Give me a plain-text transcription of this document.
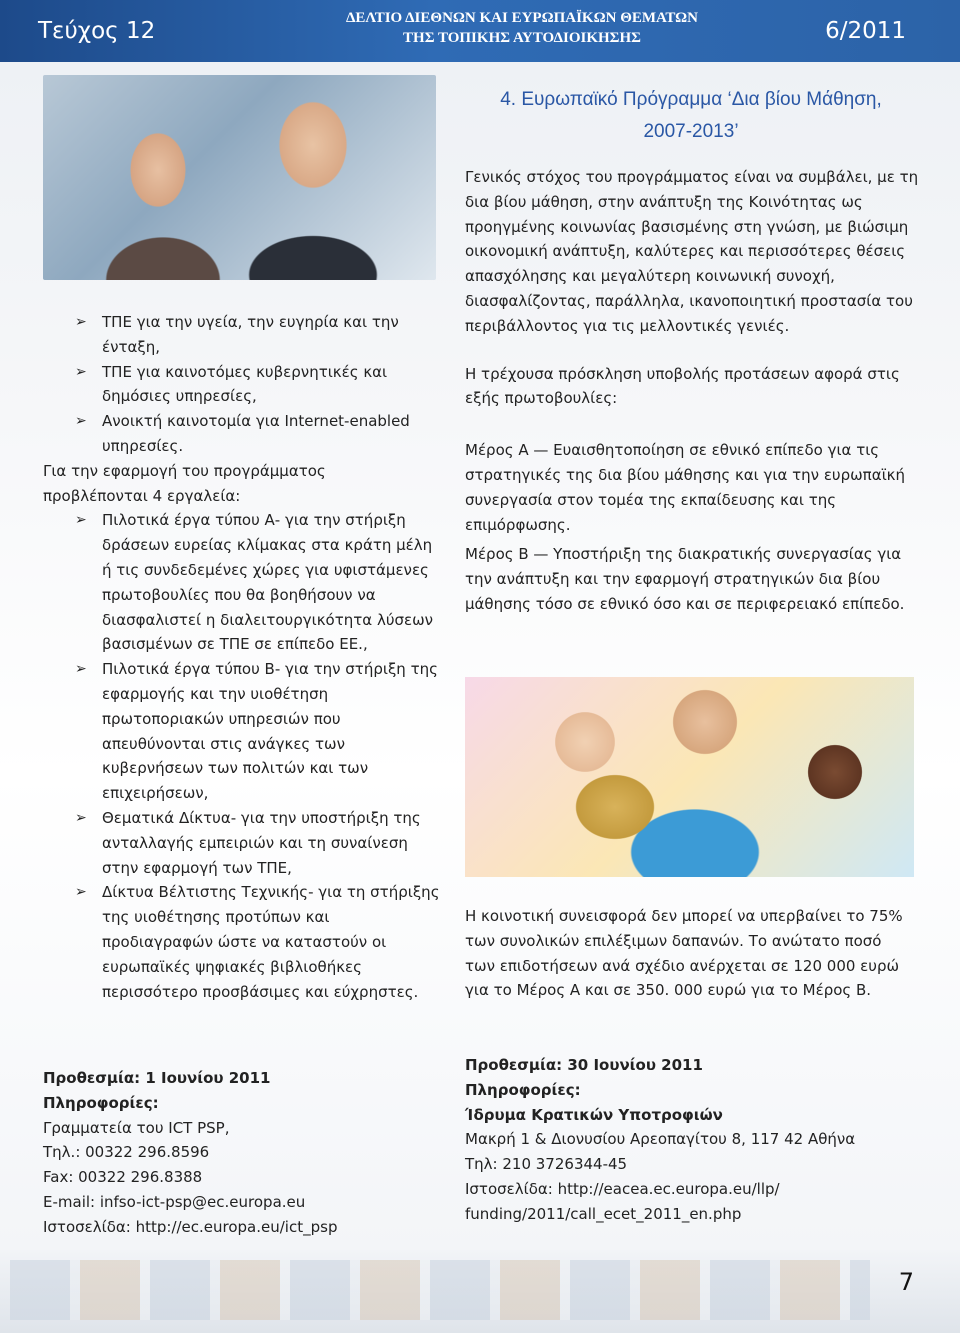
Τεύχος 12	ΔΕΛΤΙΟ ΔΙΕΘΝΩΝ ΚΑΙ ΕΥΡΩΠΑΪΚΩΝ ΘΕΜΑΤΩΝ
ΤΗΣ ΤΟΠΙΚΗΣ ΑΥΤΟΔΙΟΙΚΗΣΗΣ	6/2011
4. Ευρωπαϊκό Πρόγραμμα ‘Δια βίου Μάθηση,
2007-2013’
➢ ΤΠΕ για την υγεία, την ευγηρία και την ένταξη,
➢ ΤΠΕ για καινοτόμες κυβερνητικές και δημόσιες υπηρεσίες,
➢ Ανοικτή καινοτομία για Internet-enabled υπηρεσίες.

Για την εφαρμογή του προγράμματος προβλέπονται 4 εργαλεία:

➢ Πιλοτικά έργα τύπου Α- για την στήριξη δράσεων ευρείας κλίμακας στα κράτη μέλη ή τις συνδεδεμένες χώρες για υφιστάμενες πρωτοβουλίες που θα βοηθήσουν να διασφαλιστεί η διαλειτουργικότητα λύσεων βασισμένων σε ΤΠΕ σε επίπεδο ΕΕ.,
➢ Πιλοτικά έργα τύπου Β- για την στήριξη της εφαρμογής και την υιοθέτηση πρωτοποριακών υπηρεσιών που απευθύνονται στις ανάγκες των κυβερνήσεων των πολιτών και των επιχειρήσεων,
➢ Θεματικά Δίκτυα- για την υποστήριξη της ανταλλαγής εμπειριών και τη συναίνεση στην εφαρμογή των ΤΠΕ,
➢ Δίκτυα Βέλτιστης Τεχνικής- για τη στήριξης της υιοθέτησης προτύπων και προδιαγραφών ώστε να καταστούν οι ευρωπαϊκές ψηφιακές βιβλιοθήκες περισσότερο προσβάσιμες και εύχρηστες.

Προθεσμία: 1 Ιουνίου 2011

Πληροφορίες:

Γραμματεία του ICT PSP,

Τηλ.: 00322 296.8596

Fax: 00322 296.8388

E-mail: infso-ict-psp@ec.europa.eu

Ιστοσελίδα: http://ec.europa.eu/ict_psp

Γενικός στόχος του προγράμματος είναι να συμβάλει, με τη δια βίου μάθηση, στην ανάπτυξη της Κοινότητας ως προηγμένης κοινωνίας βασισμένης στη γνώση, με βιώσιμη οικονομική ανάπτυξη, καλύτερες και περισσότερες θέσεις απασχόλησης και μεγαλύτερη κοινωνική συνοχή, διασφαλίζοντας, παράλληλα, ικανοποιητική προστασία του περιβάλλοντος για τις μελλοντικές γενιές.

Η τρέχουσα πρόσκληση υποβολής προτάσεων αφορά στις εξής πρωτοβουλίες:

Μέρος Α — Ευαισθητοποίηση σε εθνικό επίπεδο για τις στρατηγικές της δια βίου μάθησης και για την ευρωπαϊκή συνεργασία στον τομέα της εκπαίδευσης και της επιμόρφωσης.

Μέρος Β — Υποστήριξη της διακρατικής συνεργασίας για την ανάπτυξη και την εφαρμογή στρατηγικών δια βίου μάθησης τόσο σε εθνικό όσο και σε περιφερειακό επίπεδο.

Η κοινοτική συνεισφορά δεν μπορεί να υπερβαίνει το 75% των συνολικών επιλέξιμων δαπανών. Το ανώτατο ποσό των επιδοτήσεων ανά σχέδιο ανέρχεται σε 120 000 ευρώ για το Μέρος Α και σε 350. 000 ευρώ για το Μέρος Β.

Προθεσμία: 30 Ιουνίου 2011

Πληροφορίες:

Ίδρυμα Κρατικών Υποτροφιών

Μακρή 1 & Διονυσίου Αρεοπαγίτου 8, 117 42 Αθήνα

Τηλ: 210 3726344-45

Ιστοσελίδα: http://eacea.ec.europa.eu/llp/

funding/2011/call_ecet_2011_en.php

7
